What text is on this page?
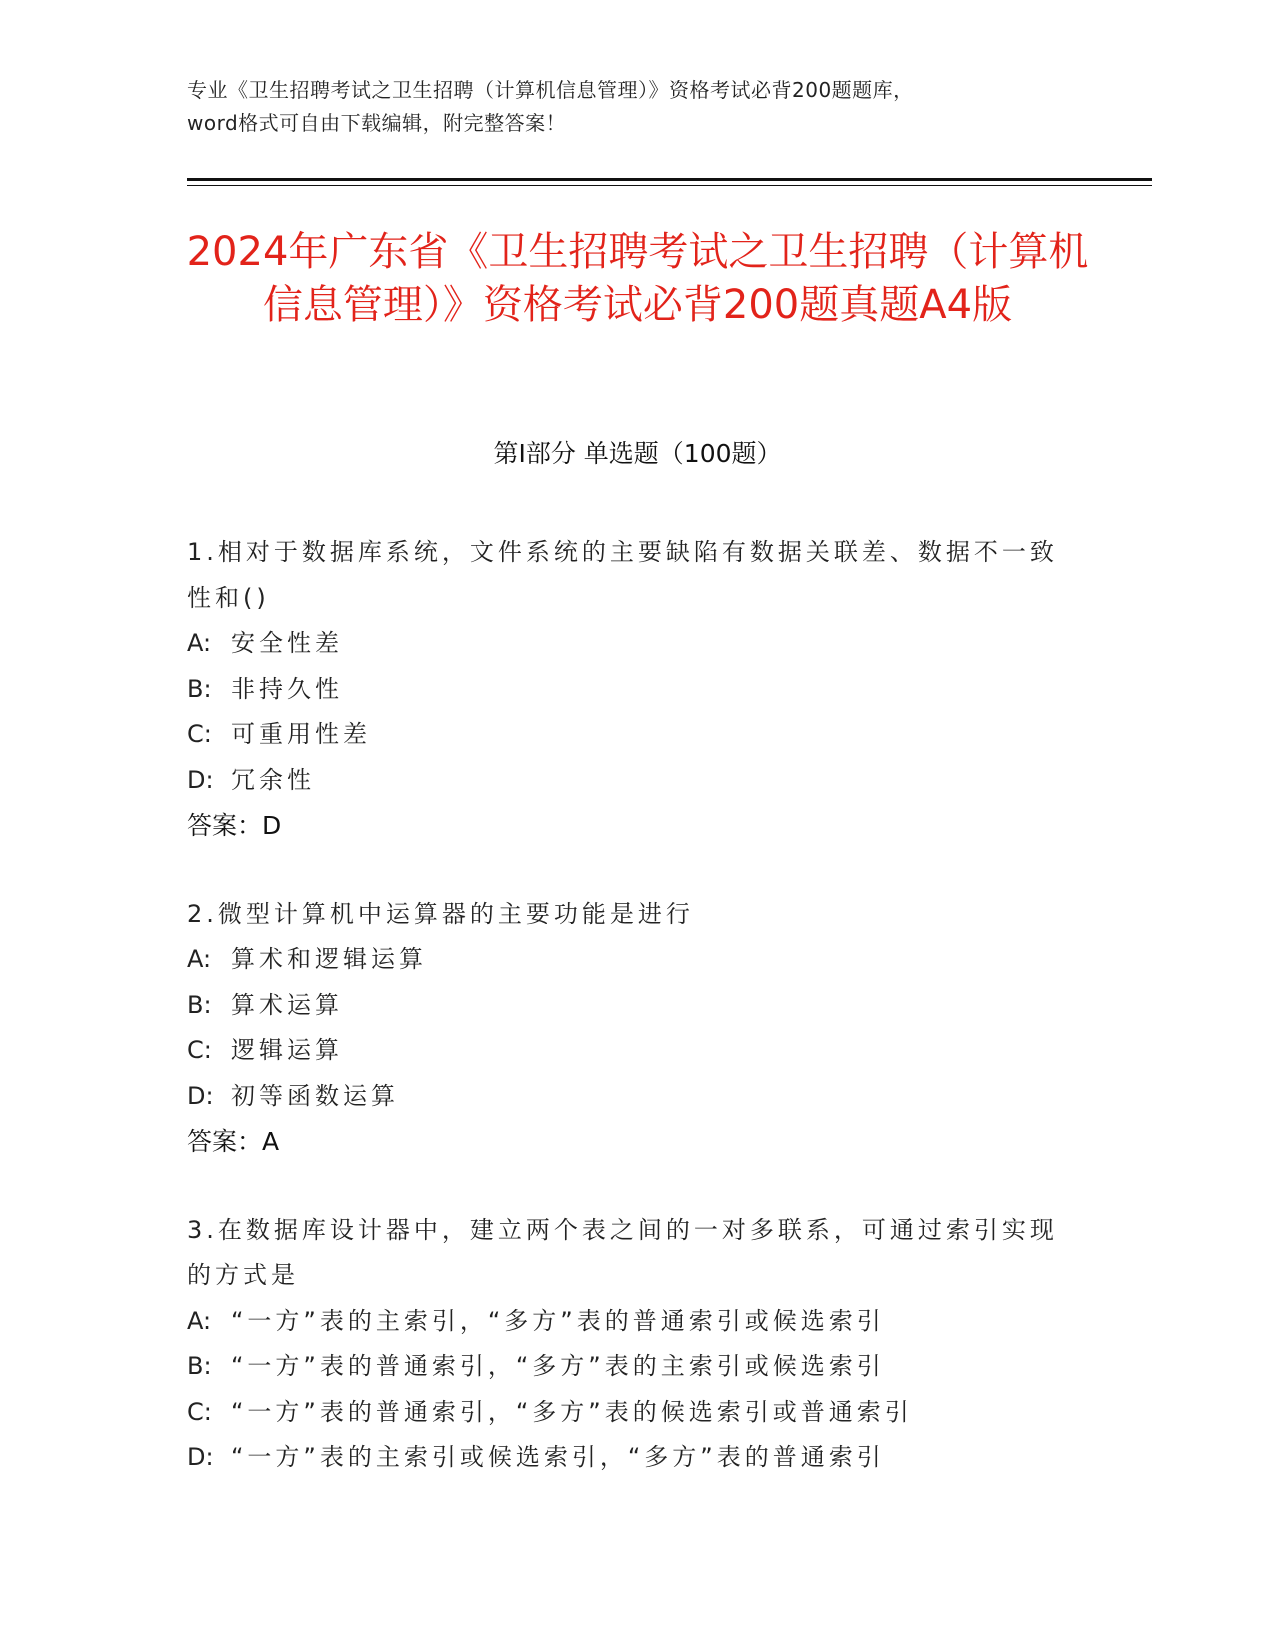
专业《卫生招聘考试之卫生招聘（计算机信息管理）》资格考试必背200题题库，
word格式可自由下载编辑，附完整答案！
2024年广东省《卫生招聘考试之卫生招聘（计算机信息管理）》资格考试必背200题真题A4版
第I部分 单选题（100题）
1.相对于数据库系统，文件系统的主要缺陷有数据关联差、数据不一致性和()
A: 安全性差
B: 非持久性
C: 可重用性差
D: 冗余性
答案：D
2.微型计算机中运算器的主要功能是进行
A: 算术和逻辑运算
B: 算术运算
C: 逻辑运算
D: 初等函数运算
答案：A
3.在数据库设计器中，建立两个表之间的一对多联系，可通过索引实现的方式是
A: “一方”表的主索引，“多方”表的普通索引或候选索引
B: “一方”表的普通索引，“多方”表的主索引或候选索引
C: “一方”表的普通索引，“多方”表的候选索引或普通索引
D: “一方”表的主索引或候选索引，“多方”表的普通索引
